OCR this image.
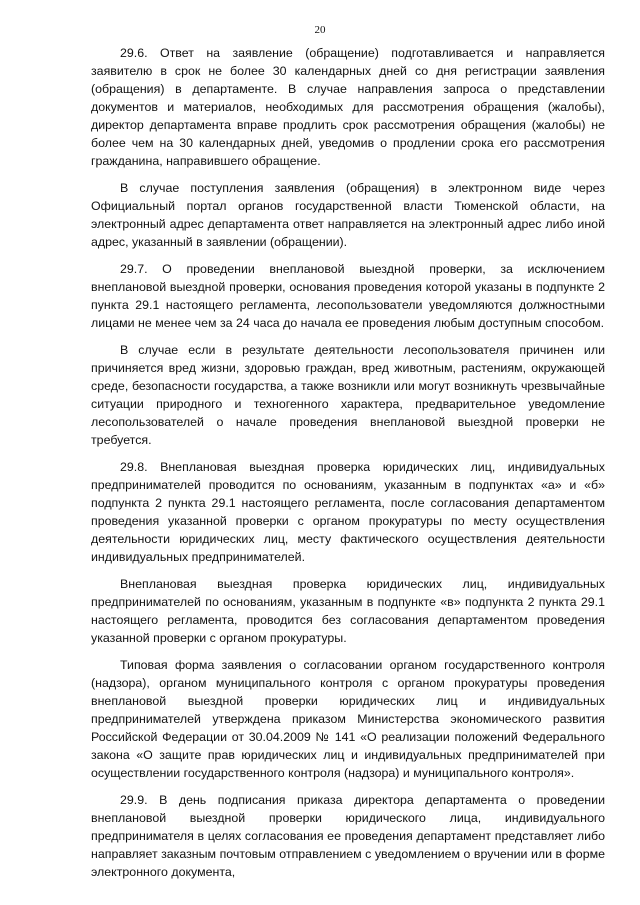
20

29.6. Ответ на заявление (обращение) подготавливается и направляется заявителю в срок не более 30 календарных дней со дня регистрации заявления (обращения) в департаменте. В случае направления запроса о представлении документов и материалов, необходимых для рассмотрения обращения (жалобы), директор департамента вправе продлить срок рассмотрения обращения (жалобы) не более чем на 30 календарных дней, уведомив о продлении срока его рассмотрения гражданина, направившего обращение.

В случае поступления заявления (обращения) в электронном виде через Официальный портал органов государственной власти Тюменской области, на электронный адрес департамента ответ направляется на электронный адрес либо иной адрес, указанный в заявлении (обращении).

29.7. О проведении внеплановой выездной проверки, за исключением внеплановой выездной проверки, основания проведения которой указаны в подпункте 2 пункта 29.1 настоящего регламента, лесопользователи уведомляются должностными лицами не менее чем за 24 часа до начала ее проведения любым доступным способом.

В случае если в результате деятельности лесопользователя причинен или причиняется вред жизни, здоровью граждан, вред животным, растениям, окружающей среде, безопасности государства, а также возникли или могут возникнуть чрезвычайные ситуации природного и техногенного характера, предварительное уведомление лесопользователей о начале проведения внеплановой выездной проверки не требуется.

29.8. Внеплановая выездная проверка юридических лиц, индивидуальных предпринимателей проводится по основаниям, указанным в подпунктах «а» и «б» подпункта 2 пункта 29.1 настоящего регламента, после согласования департаментом проведения указанной проверки с органом прокуратуры по месту осуществления деятельности юридических лиц, месту фактического осуществления деятельности индивидуальных предпринимателей.

Внеплановая выездная проверка юридических лиц, индивидуальных предпринимателей по основаниям, указанным в подпункте «в» подпункта 2 пункта 29.1 настоящего регламента, проводится без согласования департаментом проведения указанной проверки с органом прокуратуры.

Типовая форма заявления о согласовании органом государственного контроля (надзора), органом муниципального контроля с органом прокуратуры проведения внеплановой выездной проверки юридических лиц и индивидуальных предпринимателей утверждена приказом Министерства экономического развития Российской Федерации от 30.04.2009 № 141 «О реализации положений Федерального закона «О защите прав юридических лиц и индивидуальных предпринимателей при осуществлении государственного контроля (надзора) и муниципального контроля».

29.9. В день подписания приказа директора департамента о проведении внеплановой выездной проверки юридического лица, индивидуального предпринимателя в целях согласования ее проведения департамент представляет либо направляет заказным почтовым отправлением с уведомлением о вручении или в форме электронного документа,
